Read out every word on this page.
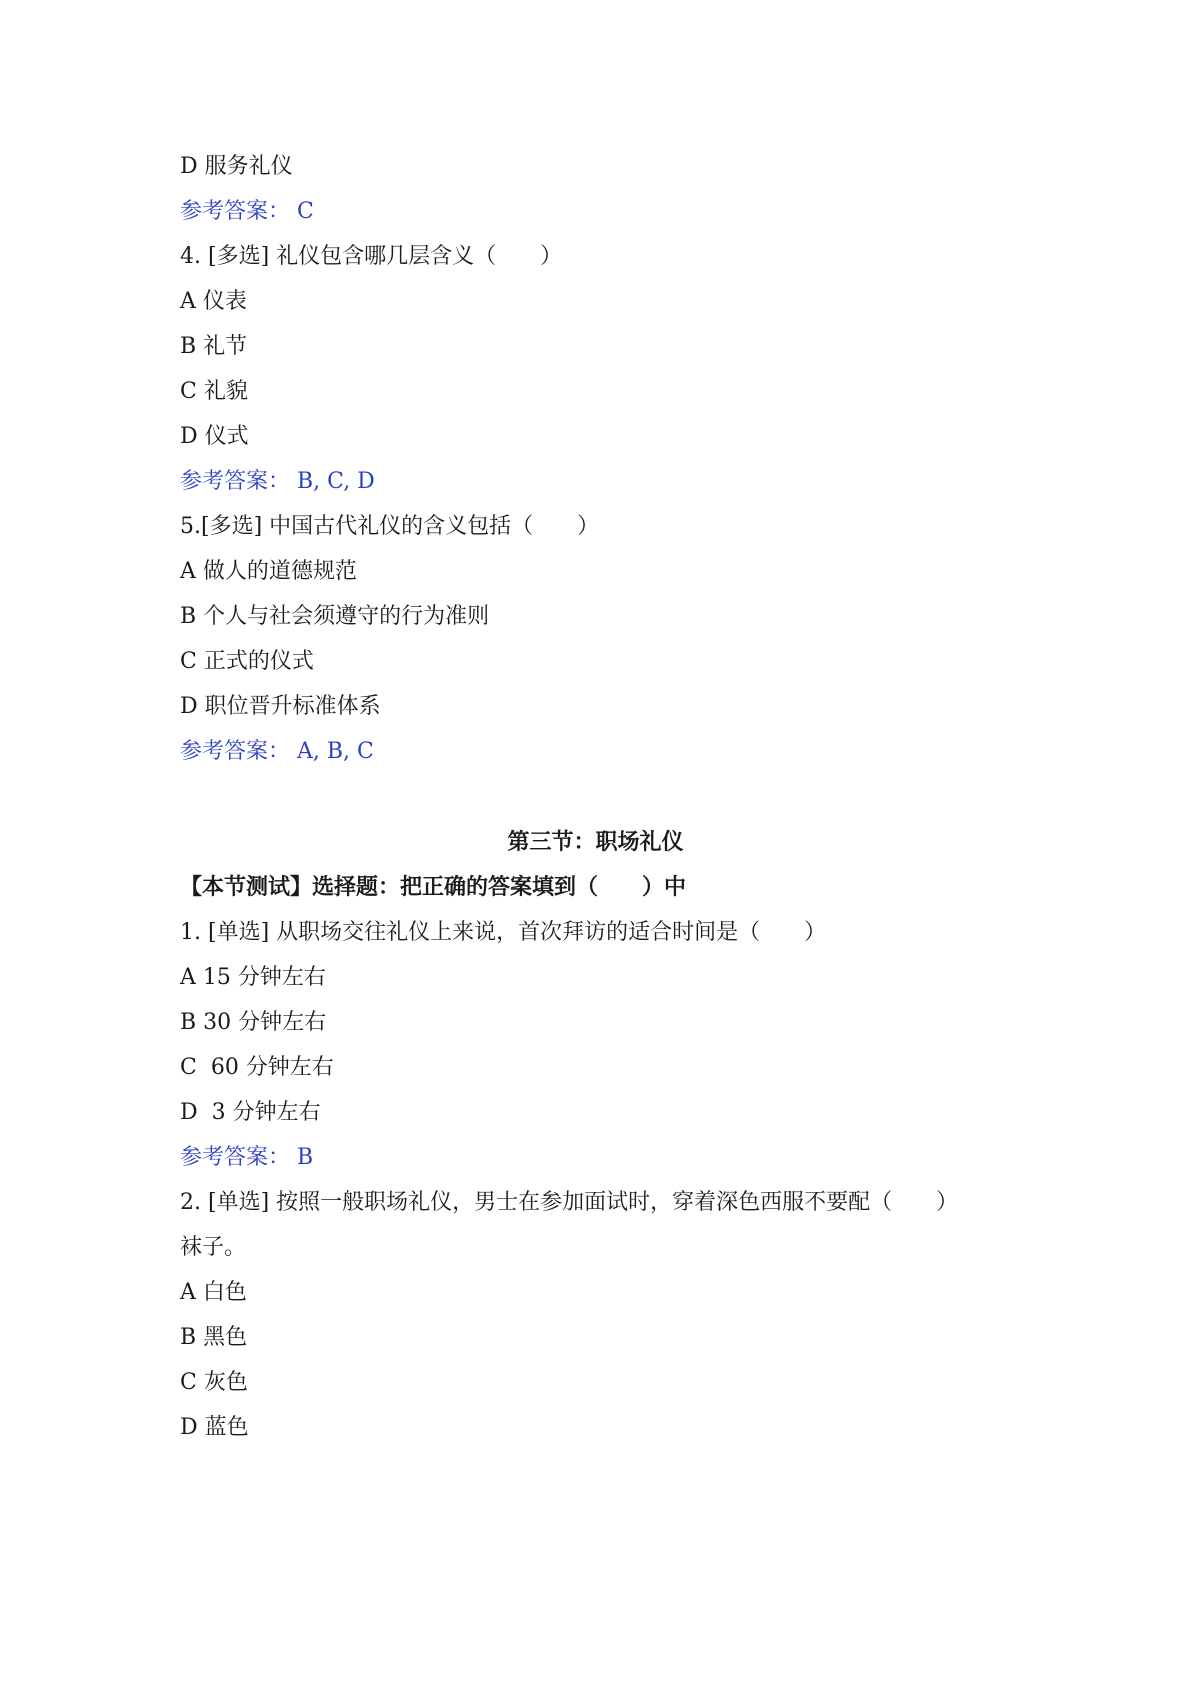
D 服务礼仪
参考答案： C
4. [多选] 礼仪包含哪几层含义（　　）
A 仪表
B 礼节
C 礼貌
D 仪式
参考答案： B, C, D
5.[多选] 中国古代礼仪的含义包括（　　）
A 做人的道德规范
B 个人与社会须遵守的行为准则
C 正式的仪式
D 职位晋升标准体系
参考答案： A, B, C
第三节：职场礼仪
【本节测试】选择题：把正确的答案填到（　　）中
1. [单选] 从职场交往礼仪上来说，首次拜访的适合时间是（　　）
A 15 分钟左右
B 30 分钟左右
C  60 分钟左右
D  3 分钟左右
参考答案： B
2. [单选] 按照一般职场礼仪，男士在参加面试时，穿着深色西服不要配（　　）
袜子。
A 白色
B 黑色
C 灰色
D 蓝色
